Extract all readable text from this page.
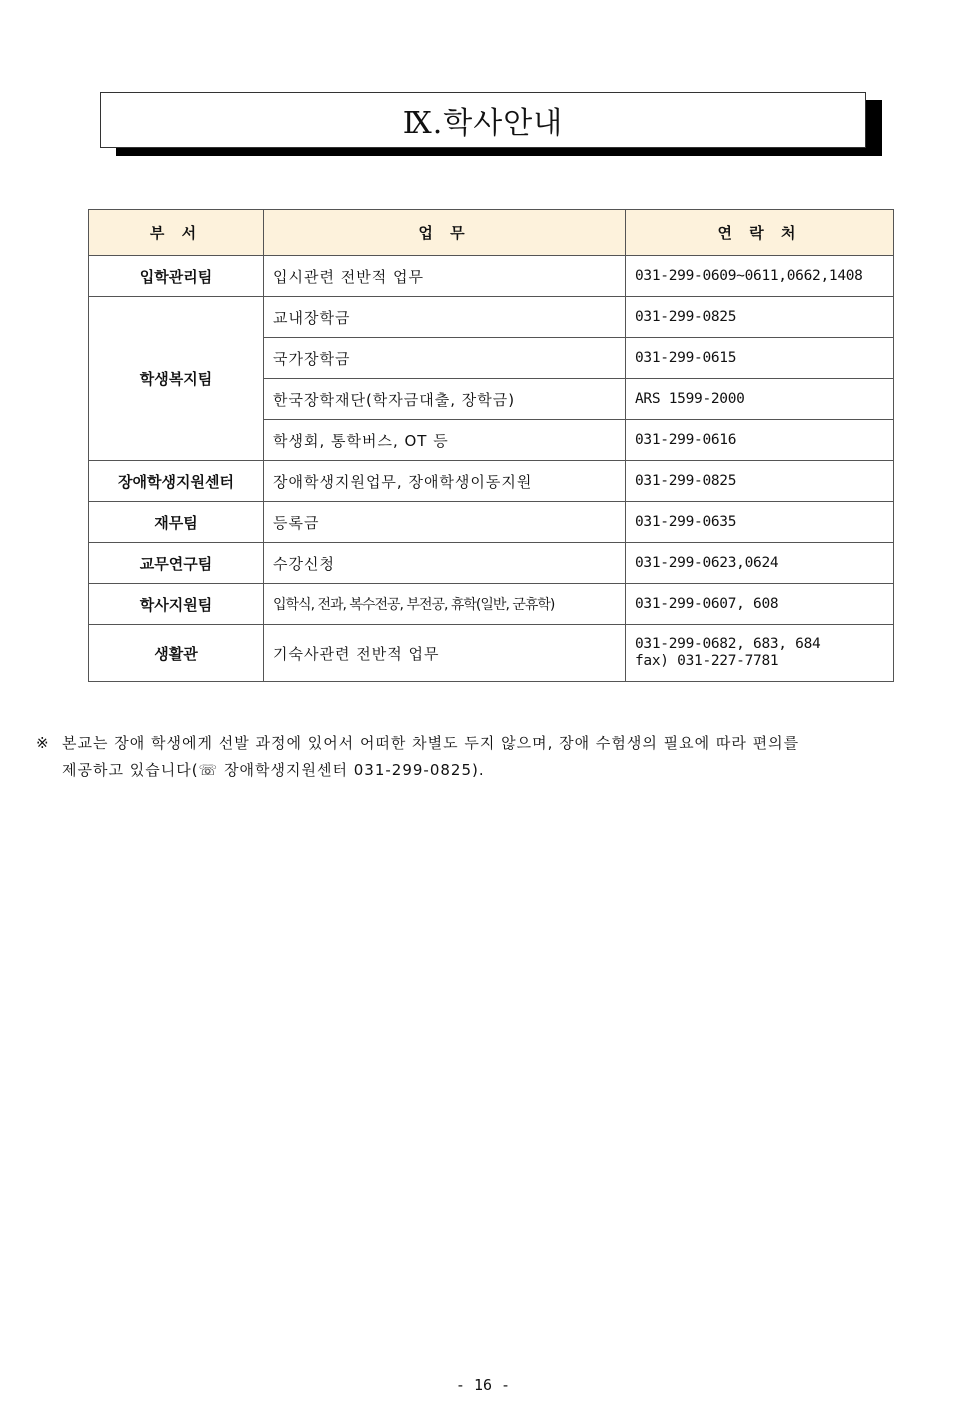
Ⅸ.학사안내
부 서	업 무	연 락 처
입학관리팀	입시관련 전반적 업무	031-299-0609~0611,0662,1408
학생복지팀	교내장학금	031-299-0825
	국가장학금	031-299-0615
	한국장학재단(학자금대출, 장학금)	ARS 1599-2000
	학생회, 통학버스, OT 등	031-299-0616
장애학생지원센터	장애학생지원업무, 장애학생이동지원	031-299-0825
재무팀	등록금	031-299-0635
교무연구팀	수강신청	031-299-0623,0624
학사지원팀	입학식, 전과, 복수전공, 부전공, 휴학(일반, 군휴학)	031-299-0607, 608
생활관	기숙사관련 전반적 업무	031-299-0682, 683, 684
fax) 031-227-7781
※ 본교는 장애 학생에게 선발 과정에 있어서 어떠한 차별도 두지 않으며, 장애 수험생의 필요에 따라 편의를
제공하고 있습니다(☏ 장애학생지원센터 031-299-0825).
- 16 -
